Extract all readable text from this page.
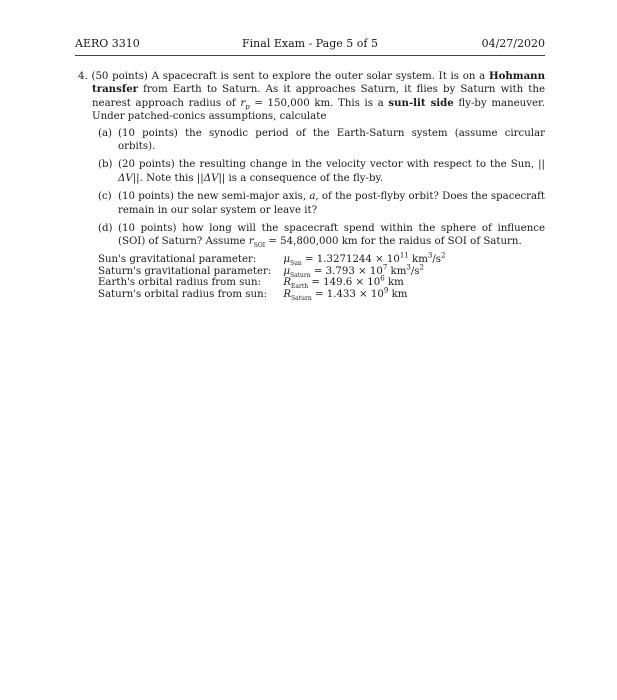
AERO 3310	Final Exam - Page 5 of 5	04/27/2020

4. (50 points) A spacecraft is sent to explore the outer solar system. It is on a Hohmann transfer from Earth to Saturn. As it approaches Saturn, it flies by Saturn with the nearest approach radius of $r_p = 150,000$ km. This is a sun-lit side fly-by maneuver. Under patched-conics assumptions, calculate

(a) (10 points) the synodic period of the Earth-Saturn system (assume circular orbits).
(b) (20 points) the resulting change in the velocity vector with respect to the Sun, ||ΔV||. Note this ||ΔV|| is a consequence of the fly-by.
(c) (10 points) the new semi-major axis, a, of the post-flyby orbit? Does the spacecraft remain in our solar system or leave it?
(d) (10 points) how long will the spacecraft spend within the sphere of influence (SOI) of Saturn? Assume $r_{SOI} = 54,800,000$ km for the raidus of SOI of Saturn.
Sun's gravitational parameter:	$\mu_{Sun} = 1.3271244 \times 10^{11}$ $km^3/s^2$
Saturn's gravitational parameter:	$\mu_{Saturn} = 3.793 \times 10^7$ $km^3/s^2$
Earth's orbital radius from sun:	$R_{Earth} = 149.6 \times 10^6$ km
Saturn's orbital radius from sun:	$R_{Saturn} = 1.433 \times 10^9$ km
